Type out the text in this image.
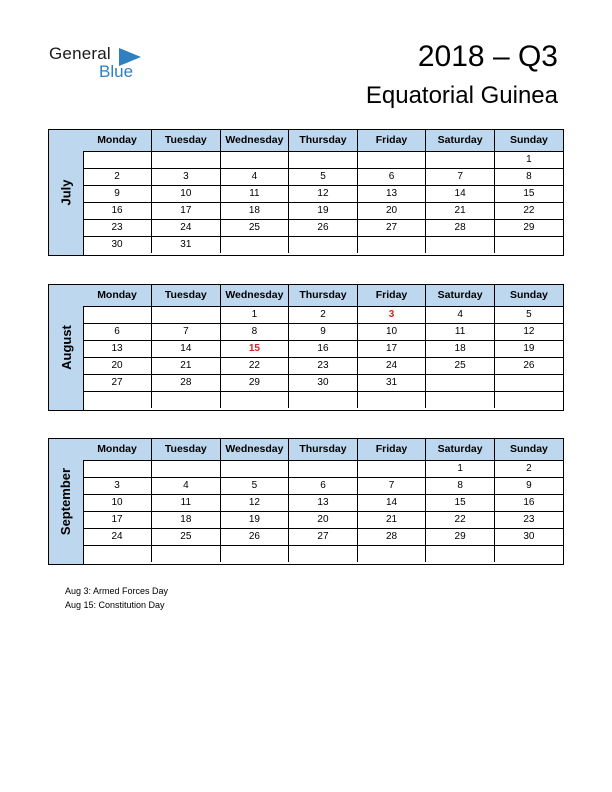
General
Blue	2018 – Q3
Equatorial Guinea
July
Monday	Tuesday	Wednesday	Thursday	Friday	Saturday	Sunday
						1
2	3	4	5	6	7	8
9	10	11	12	13	14	15
16	17	18	19	20	21	22
23	24	25	26	27	28	29
30	31					
August
Monday	Tuesday	Wednesday	Thursday	Friday	Saturday	Sunday
		1	2	3	4	5
6	7	8	9	10	11	12
13	14	15	16	17	18	19
20	21	22	23	24	25	26
27	28	29	30	31		

September
Monday	Tuesday	Wednesday	Thursday	Friday	Saturday	Sunday
					1	2
3	4	5	6	7	8	9
10	11	12	13	14	15	16
17	18	19	20	21	22	23
24	25	26	27	28	29	30

Aug 3: Armed Forces Day
Aug 15: Constitution Day
